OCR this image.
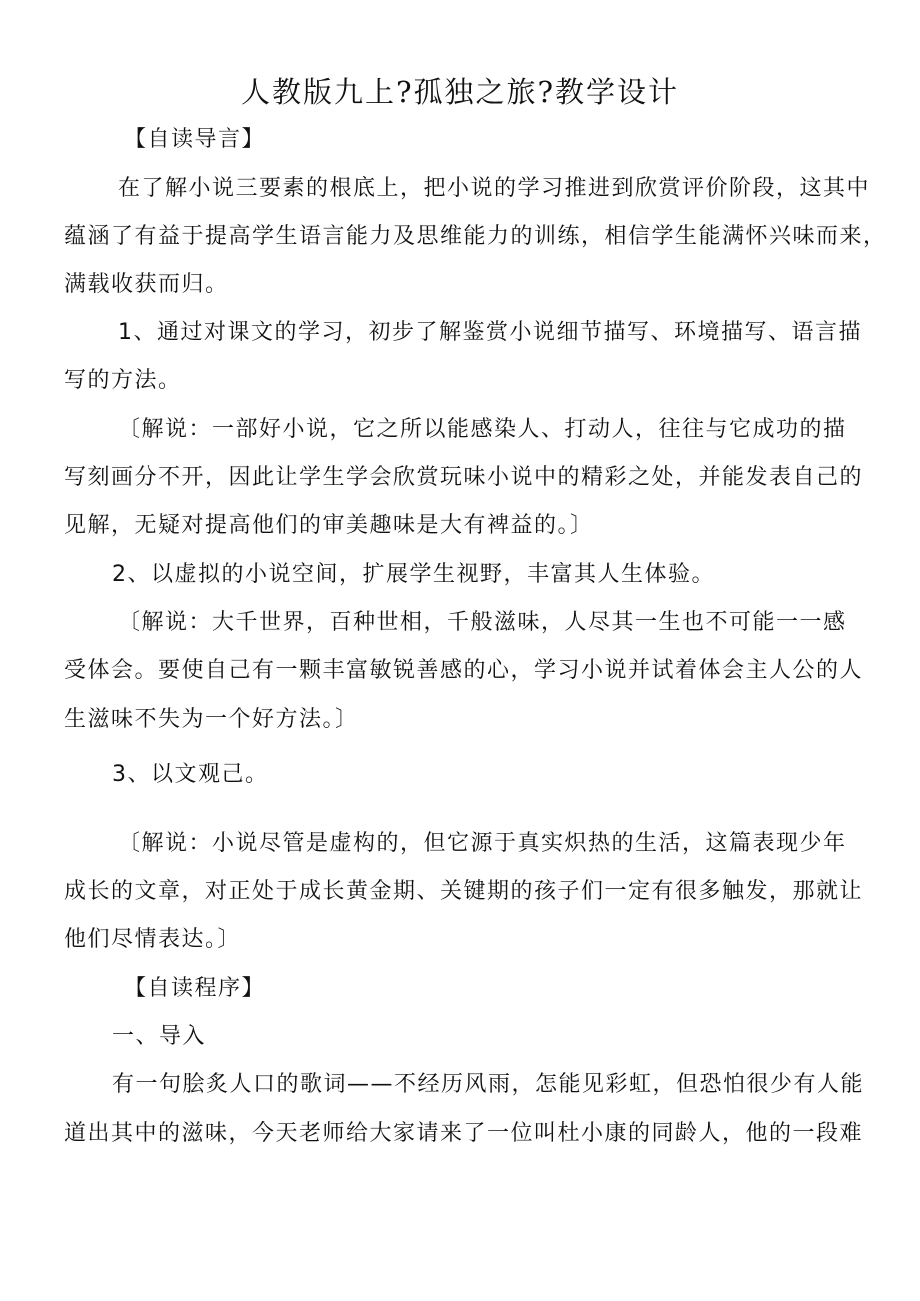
人教版九上?孤独之旅?教学设计
【自读导言】
在了解小说三要素的根底上，把小说的学习推进到欣赏评价阶段，这其中
蕴涵了有益于提高学生语言能力及思维能力的训练，相信学生能满怀兴味而来，
满载收获而归。
1、通过对课文的学习，初步了解鉴赏小说细节描写、环境描写、语言描
写的方法。
〔解说：一部好小说，它之所以能感染人、打动人，往往与它成功的描
写刻画分不开，因此让学生学会欣赏玩味小说中的精彩之处，并能发表自己的
见解，无疑对提高他们的审美趣味是大有裨益的。〕
2、以虚拟的小说空间，扩展学生视野，丰富其人生体验。
〔解说：大千世界，百种世相，千般滋味，人尽其一生也不可能一一感
受体会。要使自己有一颗丰富敏锐善感的心，学习小说并试着体会主人公的人
生滋味不失为一个好方法。〕
3、以文观己。
〔解说：小说尽管是虚构的，但它源于真实炽热的生活，这篇表现少年
成长的文章，对正处于成长黄金期、关键期的孩子们一定有很多触发，那就让
他们尽情表达。〕
【自读程序】
一、导入
有一句脍炙人口的歌词——不经历风雨，怎能见彩虹，但恐怕很少有人能
道出其中的滋味，今天老师给大家请来了一位叫杜小康的同龄人，他的一段难
